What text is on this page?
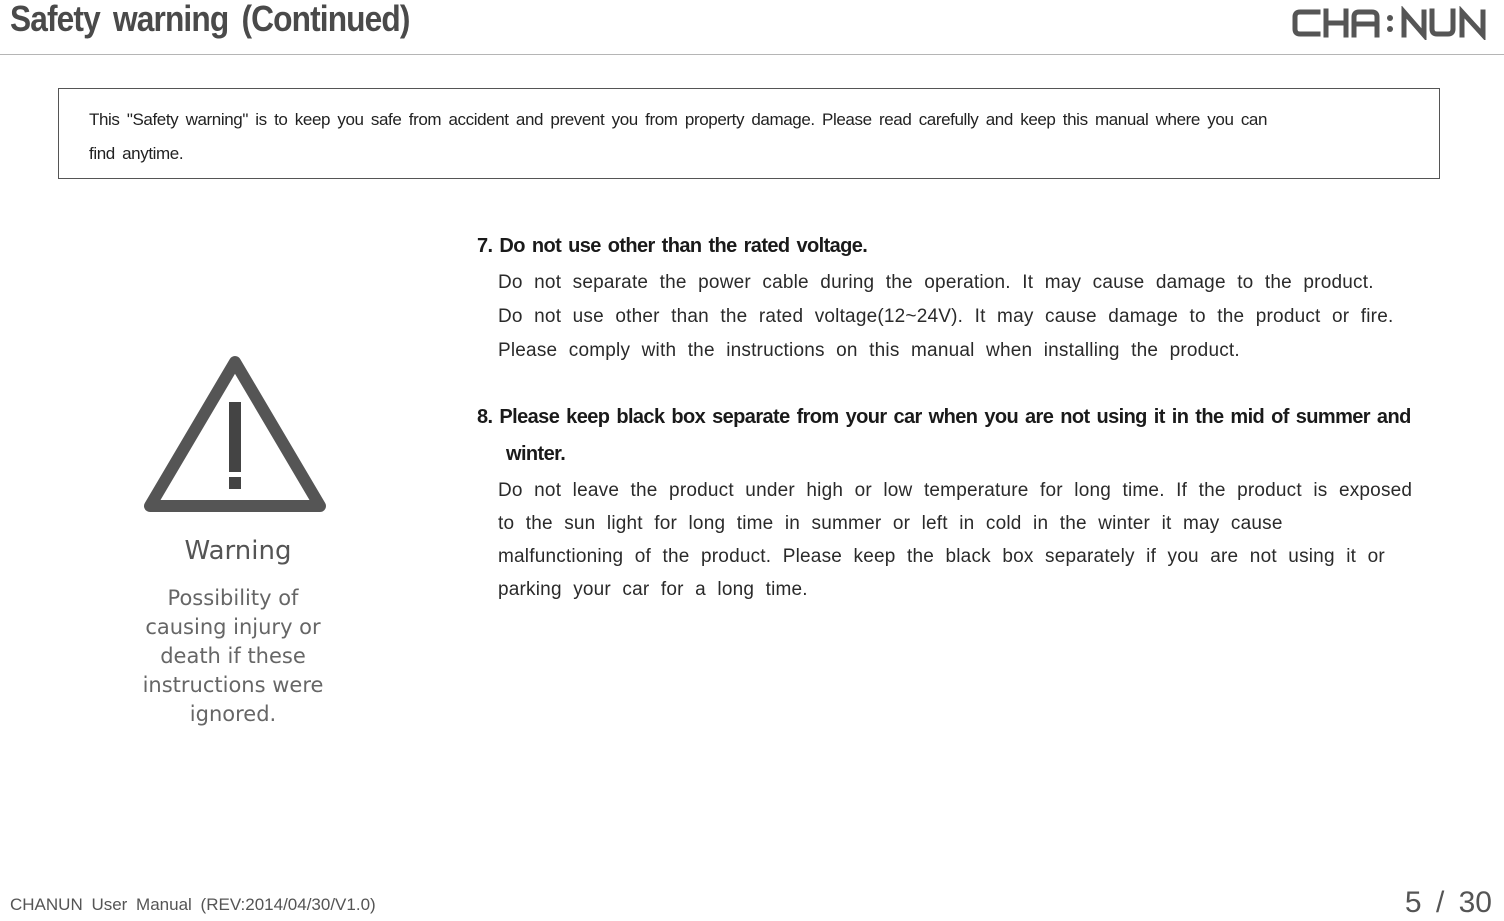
Safety warning (Continued)
This "Safety warning" is to keep you safe from accident and prevent you from property damage. Please read carefully and keep this manual where you can
find anytime.
Warning
Possibility of
causing injury or
death if these
instructions were
ignored.
7. Do not use other than the rated voltage.
Do not separate the power cable during the operation. It may cause damage to the product.
Do not use other than the rated voltage(12~24V). It may cause damage to the product or fire.
Please comply with the instructions on this manual when installing the product.
8. Please keep black box separate from your car when you are not using it in the mid of summer and
winter.
Do not leave the product under high or low temperature for long time. If the product is exposed
to the sun light for long time in summer or left in cold in the winter it may cause
malfunctioning of the product. Please keep the black box separately if you are not using it or
parking your car for a long time.
CHANUN User Manual (REV:2014/04/30/V1.0)	5 / 30
